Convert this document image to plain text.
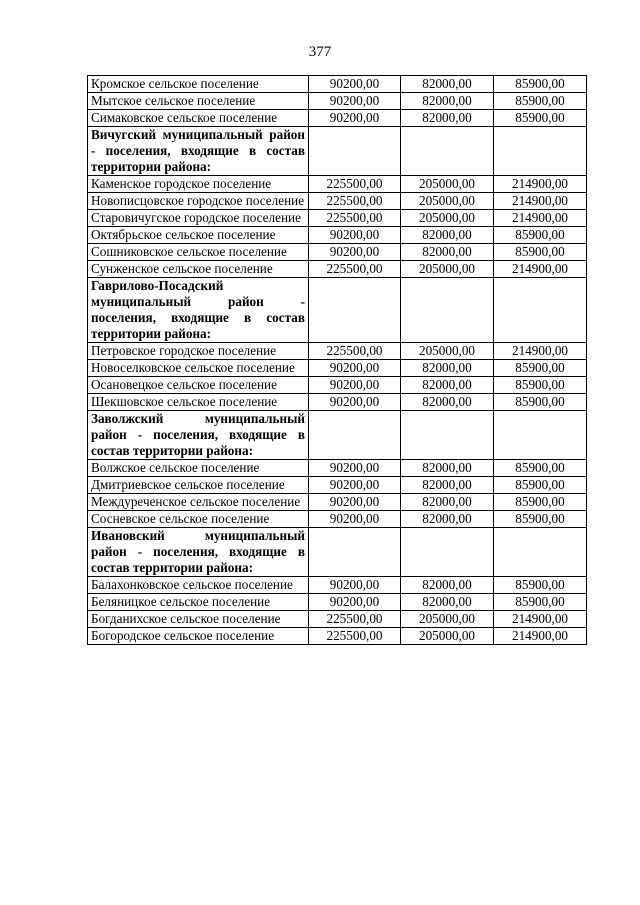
377
Кромское сельское поселение	90200,00	82000,00	85900,00
Мытское сельское поселение	90200,00	82000,00	85900,00
Симаковское сельское поселение	90200,00	82000,00	85900,00
Вичугский муниципальный район - поселения, входящие в состав территории района:			
Каменское городское поселение	225500,00	205000,00	214900,00
Новописцовское городское поселение	225500,00	205000,00	214900,00
Старовичугское городское поселение	225500,00	205000,00	214900,00
Октябрьское сельское поселение	90200,00	82000,00	85900,00
Сошниковское сельское поселение	90200,00	82000,00	85900,00
Сунженское сельское поселение	225500,00	205000,00	214900,00
Гаврилово-Посадский муниципальный район - поселения, входящие в состав территории района:			
Петровское городское поселение	225500,00	205000,00	214900,00
Новоселковское сельское поселение	90200,00	82000,00	85900,00
Осановецкое сельское поселение	90200,00	82000,00	85900,00
Шекшовское сельское поселение	90200,00	82000,00	85900,00
Заволжский муниципальный район - поселения, входящие в состав территории района:			
Волжское сельское поселение	90200,00	82000,00	85900,00
Дмитриевское сельское поселение	90200,00	82000,00	85900,00
Междуреченское сельское поселение	90200,00	82000,00	85900,00
Сосневское сельское поселение	90200,00	82000,00	85900,00
Ивановский муниципальный район - поселения, входящие в состав территории района:			
Балахонковское сельское поселение	90200,00	82000,00	85900,00
Беляницкое сельское поселение	90200,00	82000,00	85900,00
Богданихское сельское поселение	225500,00	205000,00	214900,00
Богородское сельское поселение	225500,00	205000,00	214900,00
